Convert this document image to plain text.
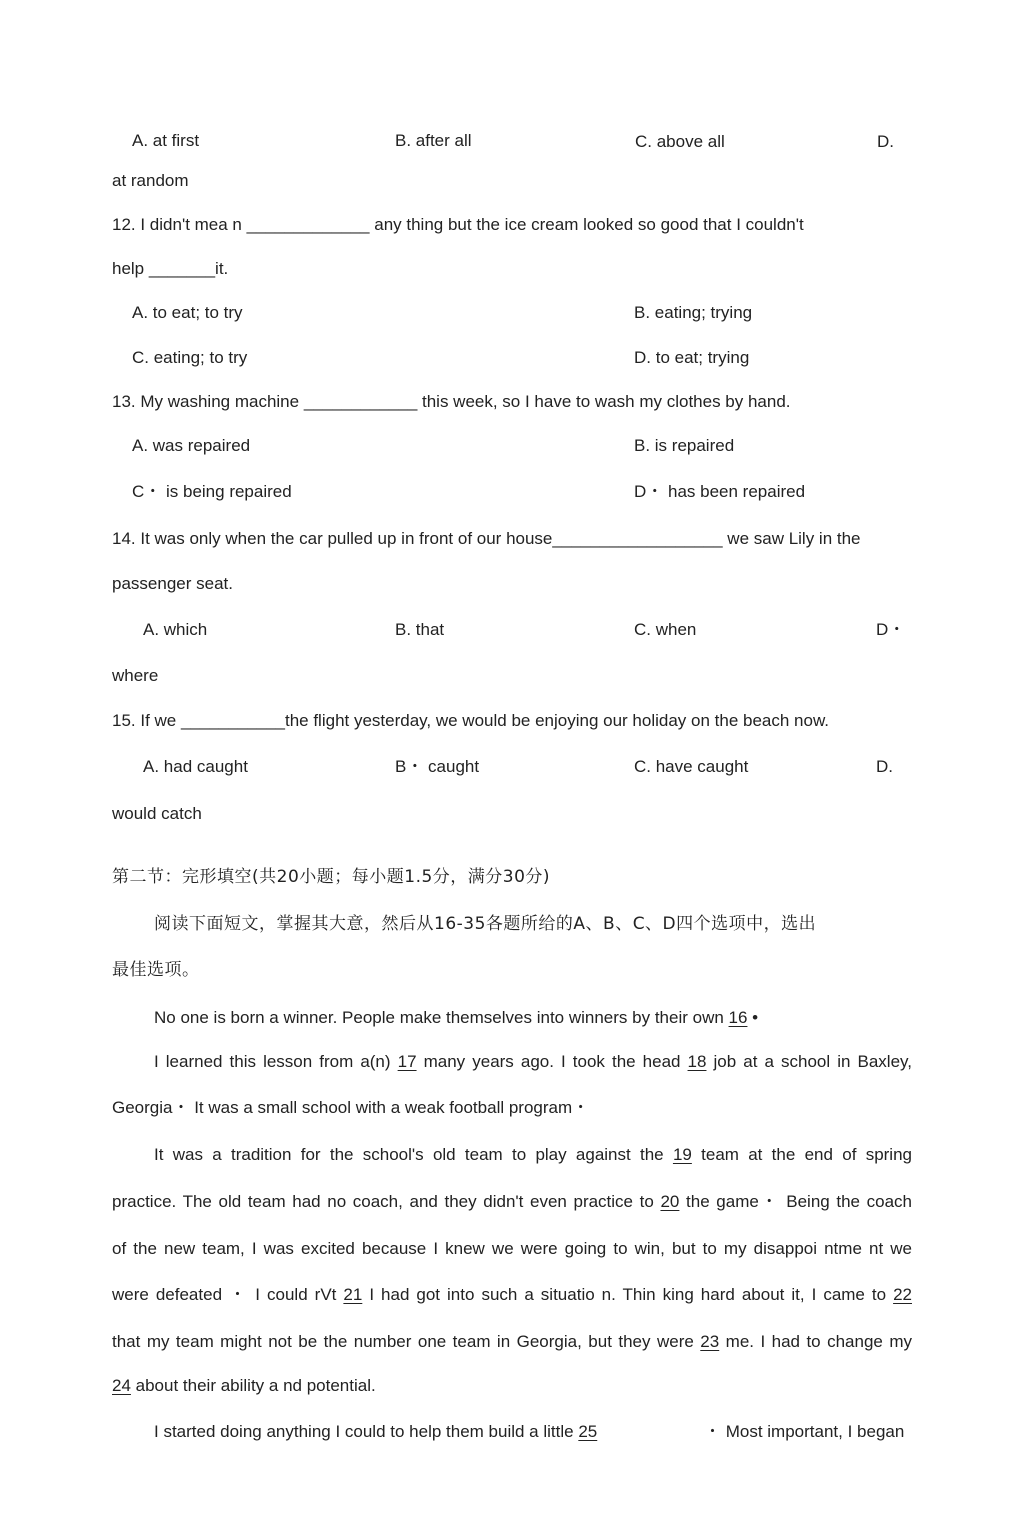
A. at first	B. after all	C. above all	D.
at random
12. I didn't mea n _____________ any thing but the ice cream looked so good that I couldn't
help _______it.
A. to eat; to try	B. eating; trying
C. eating; to try	D. to eat; trying
13. My washing machine ____________ this week, so I have to wash my clothes by hand.
A. was repaired	B. is repaired
C・ is being repaired	D・ has been repaired
14. It was only when the car pulled up in front of our house__________________ we saw Lily in the
passenger seat.
A. which	B. that	C. when	D・
where
15. If we ___________the flight yesterday, we would be enjoying our holiday on the beach now.
A. had caught	B・ caught	C. have caught	D.
would catch
第二节：完形填空(共20小题；每小题1.5分，满分30分)
阅读下面短文，掌握其大意，然后从16-35各题所给的A、B、C、D四个选项中，选出
最佳选项。
No one is born a winner. People make themselves into winners by their own 16 •
I learned this lesson from a(n) 17 many years ago. I took the head 18 job at a school in Baxley,
Georgia・ It was a small school with a weak football program・
It was a tradition for the school's old team to play against the 19 team at the end of spring
practice. The old team had no coach, and they didn't even practice to 20 the game・ Being the coach
of the new team, I was excited because I knew we were going to win, but to my disappoi ntme nt we
were defeated ・ I could rVt 21 I had got into such a situatio n. Thin king hard about it, I came to 22
that my team might not be the number one team in Georgia, but they were 23 me. I had to change my
24 about their ability a nd potential.
I started doing anything I could to help them build a little 25	・ Most important, I began
